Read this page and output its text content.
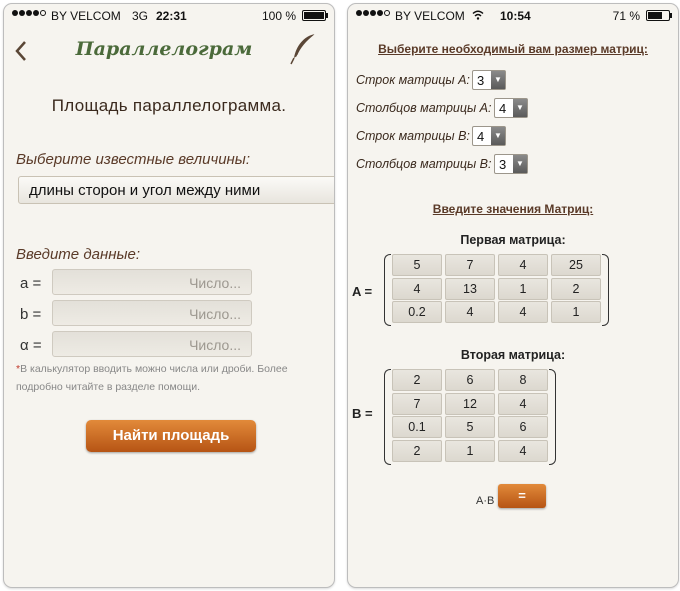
BY VELCOM 3G 22:31	100 %
Параллелограм
Площадь параллелограмма.
Выберите известные величины:
длины сторон и угол между ними
Введите данные:
a =	Число...
b =	Число...
α =	Число...
*В калькулятор вводить можно числа или дроби. Более подробно читайте в разделе помощи.
Найти площадь
BY VELCOM	10:54	71 %
Выберите необходимый вам размер матриц:
Строк матрицы A: 3	▼
Столбцов матрицы A: 4	▼
Строк матрицы B: 4	▼
Столбцов матрицы B: 3	▼
Введите значения Матриц:
Первая матрица:
A =
5	7	4	25
4	13	1	2
0.2	4	4	1
Вторая матрица:
B =
2	6	8
7	12	4
0.1	5	6
2	1	4
A·B	=
